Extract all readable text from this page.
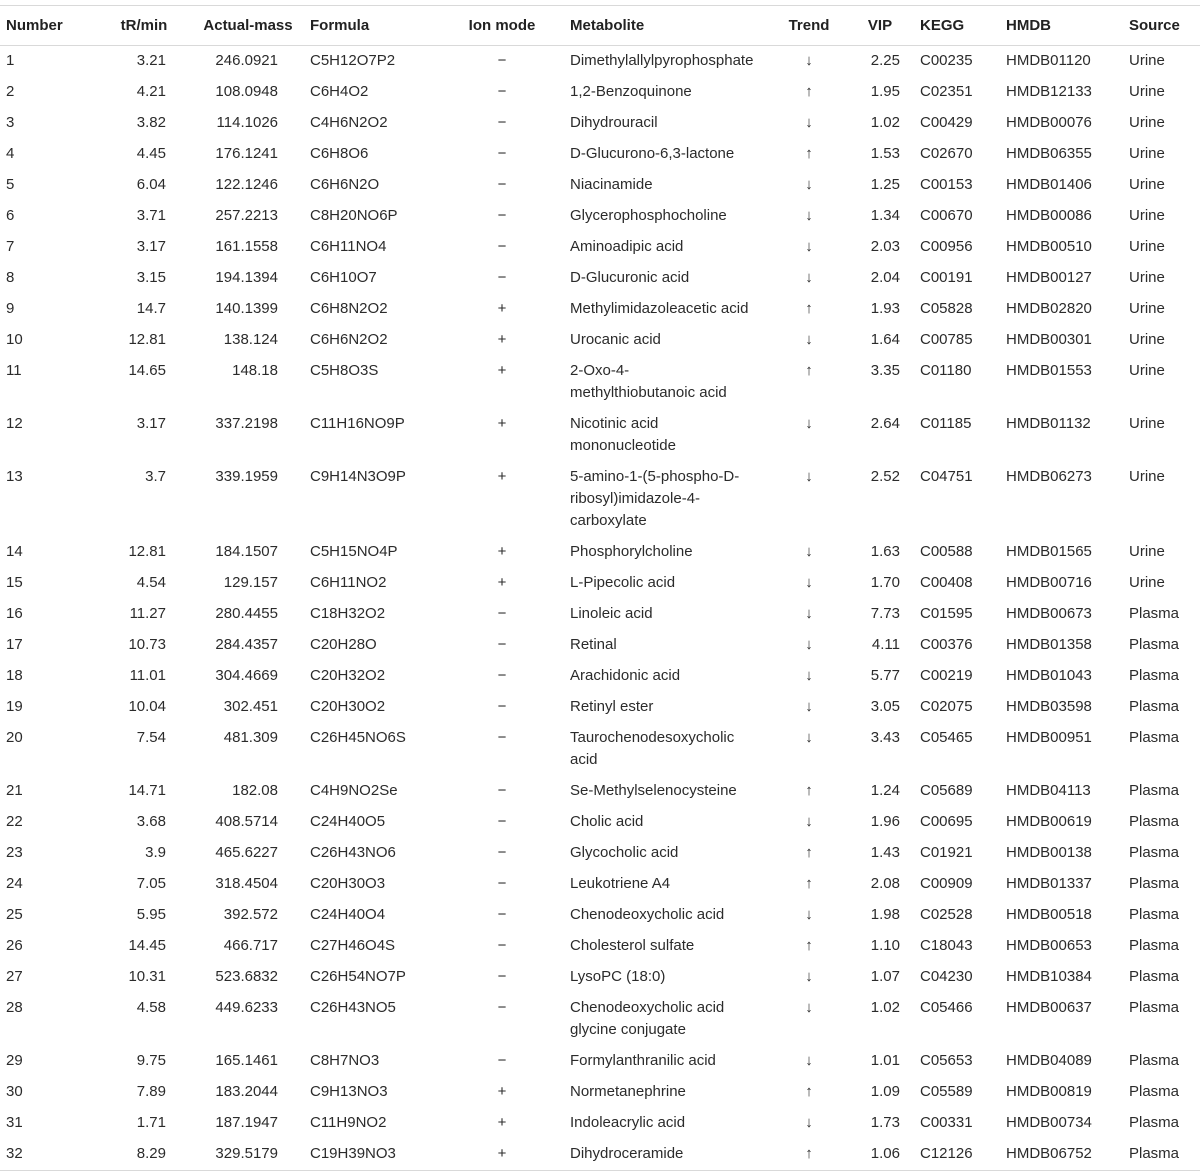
Number	tR/min	Actual-mass	Formula	Ion mode	Metabolite	Trend	VIP	KEGG	HMDB	Source
1	3.21	246.0921	C5H12O7P2	−	Dimethylallylpyrophosphate	↓	2.25	C00235	HMDB01120	Urine
2	4.21	108.0948	C6H4O2	−	1,2-Benzoquinone	↑	1.95	C02351	HMDB12133	Urine
3	3.82	114.1026	C4H6N2O2	−	Dihydrouracil	↓	1.02	C00429	HMDB00076	Urine
4	4.45	176.1241	C6H8O6	−	D-Glucurono-6,3-lactone	↑	1.53	C02670	HMDB06355	Urine
5	6.04	122.1246	C6H6N2O	−	Niacinamide	↓	1.25	C00153	HMDB01406	Urine
6	3.71	257.2213	C8H20NO6P	−	Glycerophosphocholine	↓	1.34	C00670	HMDB00086	Urine
7	3.17	161.1558	C6H11NO4	−	Aminoadipic acid	↓	2.03	C00956	HMDB00510	Urine
8	3.15	194.1394	C6H10O7	−	D-Glucuronic acid	↓	2.04	C00191	HMDB00127	Urine
9	14.7	140.1399	C6H8N2O2	+	Methylimidazoleacetic acid	↑	1.93	C05828	HMDB02820	Urine
10	12.81	138.124	C6H6N2O2	+	Urocanic acid	↓	1.64	C00785	HMDB00301	Urine
11	14.65	148.18	C5H8O3S	+	2-Oxo-4-methylthiobutanoic acid	↑	3.35	C01180	HMDB01553	Urine
12	3.17	337.2198	C11H16NO9P	+	Nicotinic acid mononucleotide	↓	2.64	C01185	HMDB01132	Urine
13	3.7	339.1959	C9H14N3O9P	+	5-amino-1-(5-phospho-D-ribosyl)imidazole-4-carboxylate	↓	2.52	C04751	HMDB06273	Urine
14	12.81	184.1507	C5H15NO4P	+	Phosphorylcholine	↓	1.63	C00588	HMDB01565	Urine
15	4.54	129.157	C6H11NO2	+	L-Pipecolic acid	↓	1.70	C00408	HMDB00716	Urine
16	11.27	280.4455	C18H32O2	−	Linoleic acid	↓	7.73	C01595	HMDB00673	Plasma
17	10.73	284.4357	C20H28O	−	Retinal	↓	4.11	C00376	HMDB01358	Plasma
18	11.01	304.4669	C20H32O2	−	Arachidonic acid	↓	5.77	C00219	HMDB01043	Plasma
19	10.04	302.451	C20H30O2	−	Retinyl ester	↓	3.05	C02075	HMDB03598	Plasma
20	7.54	481.309	C26H45NO6S	−	Taurochenodesoxycholic acid	↓	3.43	C05465	HMDB00951	Plasma
21	14.71	182.08	C4H9NO2Se	−	Se-Methylselenocysteine	↑	1.24	C05689	HMDB04113	Plasma
22	3.68	408.5714	C24H40O5	−	Cholic acid	↓	1.96	C00695	HMDB00619	Plasma
23	3.9	465.6227	C26H43NO6	−	Glycocholic acid	↑	1.43	C01921	HMDB00138	Plasma
24	7.05	318.4504	C20H30O3	−	Leukotriene A4	↑	2.08	C00909	HMDB01337	Plasma
25	5.95	392.572	C24H40O4	−	Chenodeoxycholic acid	↓	1.98	C02528	HMDB00518	Plasma
26	14.45	466.717	C27H46O4S	−	Cholesterol sulfate	↑	1.10	C18043	HMDB00653	Plasma
27	10.31	523.6832	C26H54NO7P	−	LysoPC (18:0)	↓	1.07	C04230	HMDB10384	Plasma
28	4.58	449.6233	C26H43NO5	−	Chenodeoxycholic acid glycine conjugate	↓	1.02	C05466	HMDB00637	Plasma
29	9.75	165.1461	C8H7NO3	−	Formylanthranilic acid	↓	1.01	C05653	HMDB04089	Plasma
30	7.89	183.2044	C9H13NO3	+	Normetanephrine	↑	1.09	C05589	HMDB00819	Plasma
31	1.71	187.1947	C11H9NO2	+	Indoleacrylic acid	↓	1.73	C00331	HMDB00734	Plasma
32	8.29	329.5179	C19H39NO3	+	Dihydroceramide	↑	1.06	C12126	HMDB06752	Plasma
